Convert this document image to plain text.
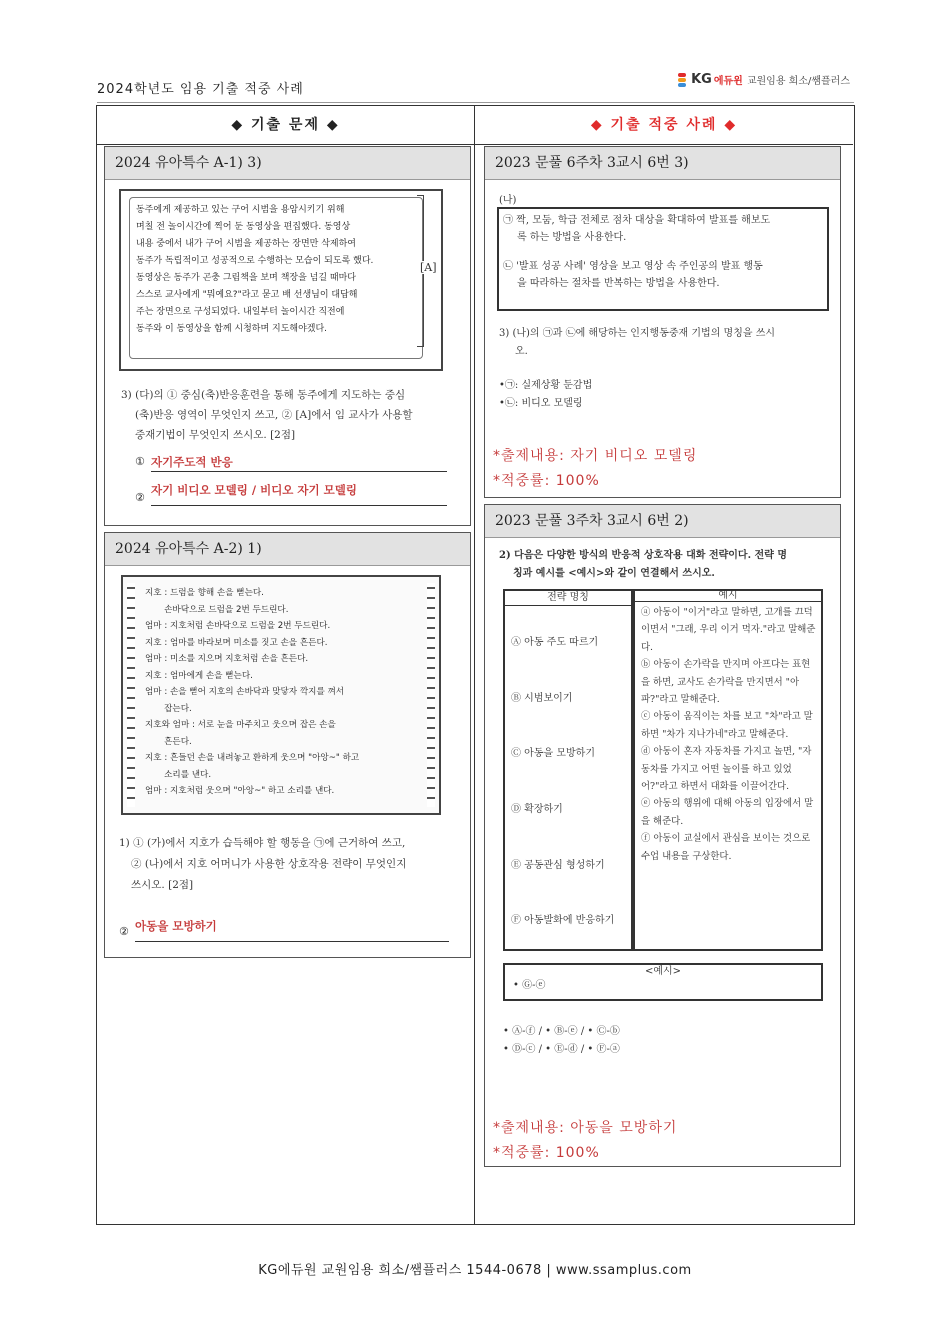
2024학년도 임용 기출 적중 사례
KG 에듀윈 교원임용 희소/쌤플러스
◆ 기출 문제 ◆	◆ 기출 적중 사례 ◆
2024 유아특수 A-1) 3)
동주에게 제공하고 있는 구어 시범을 용암시키기 위해
며칠 전 놀이시간에 찍어 둔 동영상을 편집했다. 동영상
내용 중에서 내가 구어 시범을 제공하는 장면만 삭제하여
동주가 독립적이고 성공적으로 수행하는 모습이 되도록 했다.
동영상은 동주가 곤충 그림책을 보며 책장을 넘길 때마다
스스로 교사에게 "뭐예요?"라고 묻고 배 선생님이 대답해
주는 장면으로 구성되었다. 내일부터 놀이시간 직전에
동주와 이 동영상을 함께 시청하며 지도해야겠다.
[A]
3) (다)의 ① 중심(축)반응훈련을 통해 동주에게 지도하는 중심
(축)반응 영역이 무엇인지 쓰고, ② [A]에서 임 교사가 사용할
중재기법이 무엇인지 쓰시오. [2점]
① 자기주도적 반응
②
자기 비디오 모델링 / 비디오 자기 모델링
2024 유아특수 A-2) 1)
지호 : 드럼을 향해 손을 뻗는다.
손바닥으로 드럼을 2번 두드린다.
엄마 : 지호처럼 손바닥으로 드럼을 2번 두드린다.
지호 : 엄마를 바라보며 미소를 짓고 손을 흔든다.
엄마 : 미소를 지으며 지호처럼 손을 흔든다.
지호 : 엄마에게 손을 뻗는다.
엄마 : 손을 뻗어 지호의 손바닥과 맞닿자 깍지를 껴서
잡는다.
지호와 엄마 : 서로 눈을 마주치고 웃으며 잡은 손을
흔든다.
지호 : 흔들던 손을 내려놓고 환하게 웃으며 "아앙~" 하고
소리를 낸다.
엄마 : 지호처럼 웃으며 "아앙~" 하고 소리를 낸다.
1) ① (가)에서 지호가 습득해야 할 행동을 ㉠에 근거하여 쓰고,
② (나)에서 지호 어머니가 사용한 상호작용 전략이 무엇인지
쓰시오. [2점]
② 아동을 모방하기
2023 문풀 6주차 3교시 6번 3)
(나)
㉠ 짝, 모둠, 학급 전체로 점차 대상을 확대하여 발표를 해보도
록 하는 방법을 사용한다.
㉡ '발표 성공 사례' 영상을 보고 영상 속 주인공의 발표 행동
을 따라하는 절차를 반복하는 방법을 사용한다.
3) (나)의 ㉠과 ㉡에 해당하는 인지행동중재 기법의 명칭을 쓰시
오.
•㉠: 실제상황 둔감법
•㉡: 비디오 모델링
*출제내용: 자기 비디오 모델링
*적중률: 100%
2023 문풀 3주차 3교시 6번 2)
2) 다음은 다양한 방식의 반응적 상호작용 대화 전략이다. 전략 명
칭과 예시를 <예시>와 같이 연결해서 쓰시오.
전략 명칭
Ⓐ 아동 주도 따르기
Ⓑ 시범보이기
Ⓒ 아동을 모방하기
Ⓓ 확장하기
Ⓔ 공동관심 형성하기
Ⓕ 아동발화에 반응하기
예시
ⓐ 아동이 "이거"라고 말하면, 고개를 끄덕이면서 "그래, 우리 이거 먹자."라고 말해준다.
ⓑ 아동이 손가락을 만지며 아프다는 표현을 하면, 교사도 손가락을 만지면서 "아파?"라고 말해준다.
ⓒ 아동이 움직이는 차를 보고 "차"라고 말하면 "차가 지나가네"라고 말해준다.
ⓓ 아동이 혼자 자동차를 가지고 놀면, "자동차를 가지고 어떤 놀이를 하고 있었어?"라고 하면서 대화를 이끌어간다.
ⓔ 아동의 행위에 대해 아동의 입장에서 말을 해준다.
ⓕ 아동이 교실에서 관심을 보이는 것으로 수업 내용을 구상한다.
<예시>
• Ⓖ-ⓔ
• Ⓐ-ⓕ / • Ⓑ-ⓔ / • Ⓒ-ⓑ
• Ⓓ-ⓒ / • Ⓔ-ⓓ / • Ⓕ-ⓐ
*출제내용: 아동을 모방하기
*적중률: 100%
KG에듀원 교원임용 희소/쌤플러스 1544-0678 | www.ssamplus.com
